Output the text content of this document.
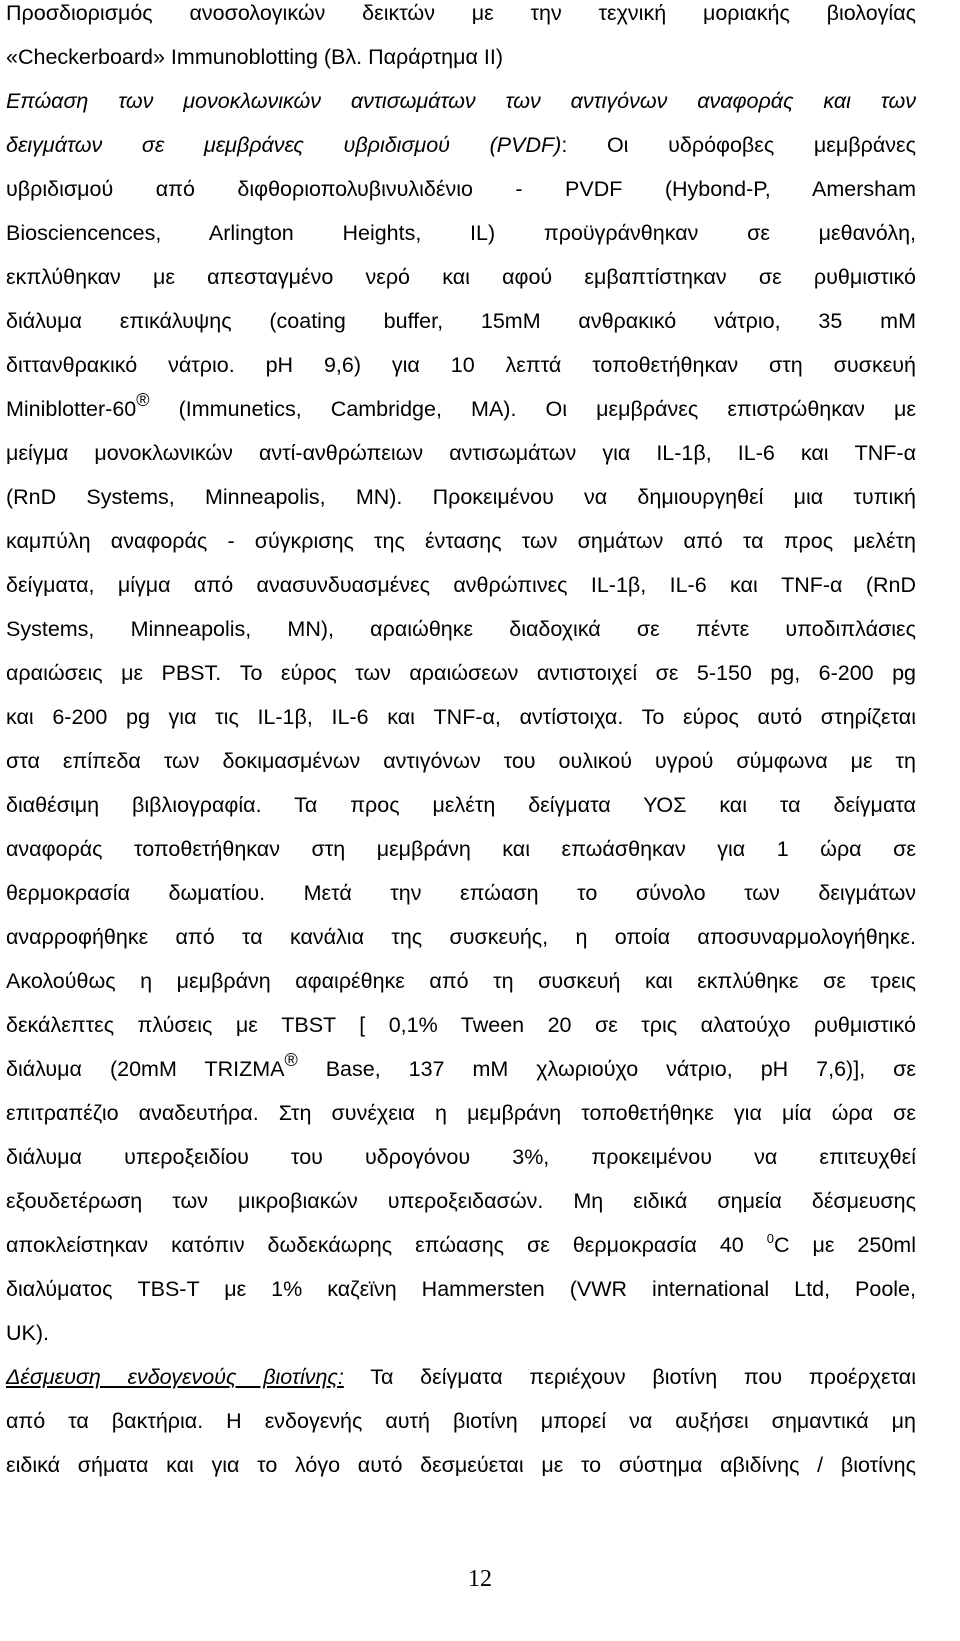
Προσδιορισμός ανοσολογικών δεικτών με την τεχνική μοριακής βιολογίας
«Checkerboard» Immunoblotting (Βλ. Παράρτημα ΙΙ)
Επώαση των μονοκλωνικών αντισωμάτων των αντιγόνων αναφοράς και των
δειγμάτων σε μεμβράνες υβριδισμού (PVDF): Οι υδρόφοβες μεμβράνες
υβριδισμού από διφθοριοπολυβινυλιδένιο - PVDF (Hybond-P, Amersham
Biosciencences, Arlington Heights, IL) προϋγράνθηκαν σε μεθανόλη,
εκπλύθηκαν με απεσταγμένο νερό και αφού εμβαπτίστηκαν σε ρυθμιστικό
διάλυμα επικάλυψης (coating buffer, 15mM ανθρακικό νάτριο, 35 mM
διττανθρακικό νάτριο. pH 9,6) για 10 λεπτά τοποθετήθηκαν στη συσκευή
Miniblotter-60® (Immunetics, Cambridge, MA). Οι μεμβράνες επιστρώθηκαν με
μείγμα μονοκλωνικών αντί-ανθρώπειων αντισωμάτων για IL-1β, IL-6 και TNF-α
(RnD Systems, Minneapolis, MN). Προκειμένου να δημιουργηθεί μια τυπική
καμπύλη αναφοράς - σύγκρισης της έντασης των σημάτων από τα προς μελέτη
δείγματα, μίγμα από ανασυνδυασμένες ανθρώπινες IL-1β, IL-6 και TNF-α (RnD
Systems, Minneapolis, MN), αραιώθηκε διαδοχικά σε πέντε υποδιπλάσιες
αραιώσεις με PBST. Το εύρος των αραιώσεων αντιστοιχεί σε 5-150 pg, 6-200 pg
και 6-200 pg για τις IL-1β, IL-6 και TNF-α, αντίστοιχα. Το εύρος αυτό στηρίζεται
στα επίπεδα των δοκιμασμένων αντιγόνων του ουλικού υγρού σύμφωνα με τη
διαθέσιμη βιβλιογραφία. Τα προς μελέτη δείγματα ΥΟΣ και τα δείγματα
αναφοράς τοποθετήθηκαν στη μεμβράνη και επωάσθηκαν για 1 ώρα σε
θερμοκρασία δωματίου. Μετά την επώαση το σύνολο των δειγμάτων
αναρροφήθηκε από τα κανάλια της συσκευής, η οποία αποσυναρμολογήθηκε.
Ακολούθως η μεμβράνη αφαιρέθηκε από τη συσκευή και εκπλύθηκε σε τρεις
δεκάλεπτες πλύσεις με TBST [ 0,1% Tween 20 σε τρις αλατούχο ρυθμιστικό
διάλυμα (20mM TRIZMA® Base, 137 mM χλωριούχο νάτριο, pH 7,6)], σε
επιτραπέζιο αναδευτήρα. Στη συνέχεια η μεμβράνη τοποθετήθηκε για μία ώρα σε
διάλυμα υπεροξειδίου του υδρογόνου 3%, προκειμένου να επιτευχθεί
εξουδετέρωση των μικροβιακών υπεροξειδασών. Μη ειδικά σημεία δέσμευσης
αποκλείστηκαν κατόπιν δωδεκάωρης επώασης σε θερμοκρασία 40 $^0$C με 250ml
διαλύματος TBS-T με 1% καζεϊνη Hammersten (VWR international Ltd, Poole,
UK).
Δέσμευση ενδογενούς βιοτίνης: Τα δείγματα περιέχουν βιοτίνη που προέρχεται
από τα βακτήρια. Η ενδογενής αυτή βιοτίνη μπορεί να αυξήσει σημαντικά μη
ειδικά σήματα και για το λόγο αυτό δεσμεύεται με το σύστημα αβιδίνης / βιοτίνης
12
